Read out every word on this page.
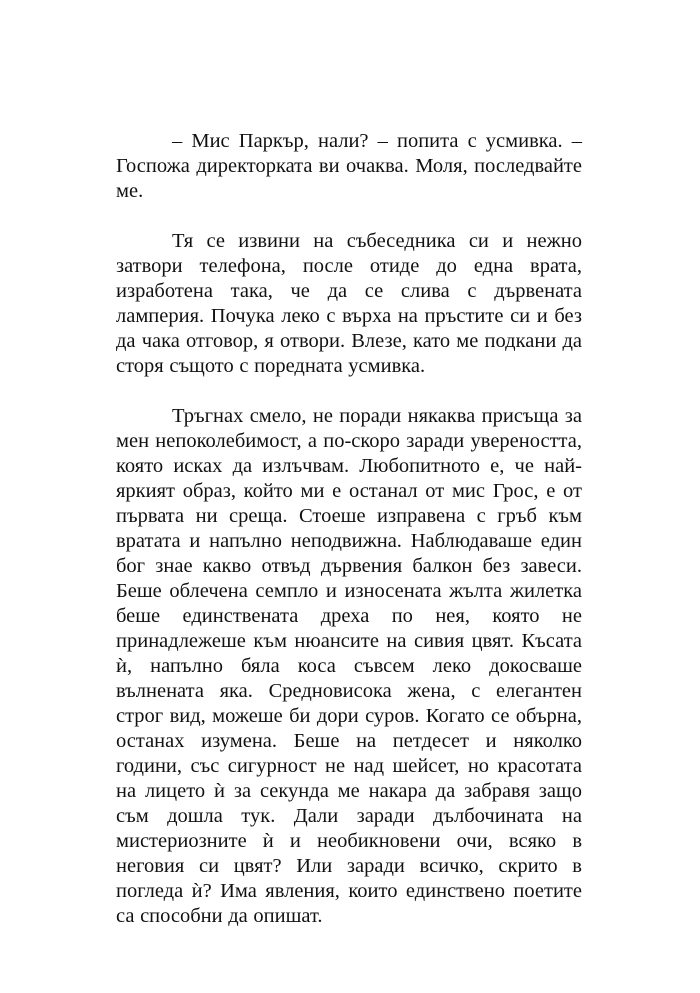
– Мис Паркър, нали? – попита с усмивка. – Госпожа директорката ви очаква. Моля, последвайте ме.

Тя се извини на събеседника си и нежно затвори телефона, после отиде до една врата, изработена така, че да се слива с дървената ламперия. Почука леко с върха на пръстите си и без да чака отговор, я отвори. Влезе, като ме подкани да сторя същото с поредната усмивка.

Тръгнах смело, не поради някаква присъща за мен непоколебимост, а по-скоро заради увереността, която исках да излъчвам. Любопитното е, че най-яркият образ, който ми е останал от мис Грос, е от първата ни среща. Стоеше изправена с гръб към вратата и напълно неподвижна. Наблюдаваше един бог знае какво отвъд дървения балкон без завеси. Беше облечена семпло и износената жълта жилетка беше единствената дреха по нея, която не принадлежеше към нюансите на сивия цвят. Късата ѝ, напълно бяла коса съвсем леко докосваше вълнената яка. Средновисока жена, с елегантен строг вид, можеше би дори суров. Когато се обърна, останах изумена. Беше на петдесет и няколко години, със сигурност не над шейсет, но красотата на лицето ѝ за секунда ме накара да забравя защо съм дошла тук. Дали заради дълбочината на мистериозните ѝ и необикновени очи, всяко в неговия си цвят? Или заради всичко, скрито в погледа ѝ? Има явления, които единствено поетите са способни да опишат.
